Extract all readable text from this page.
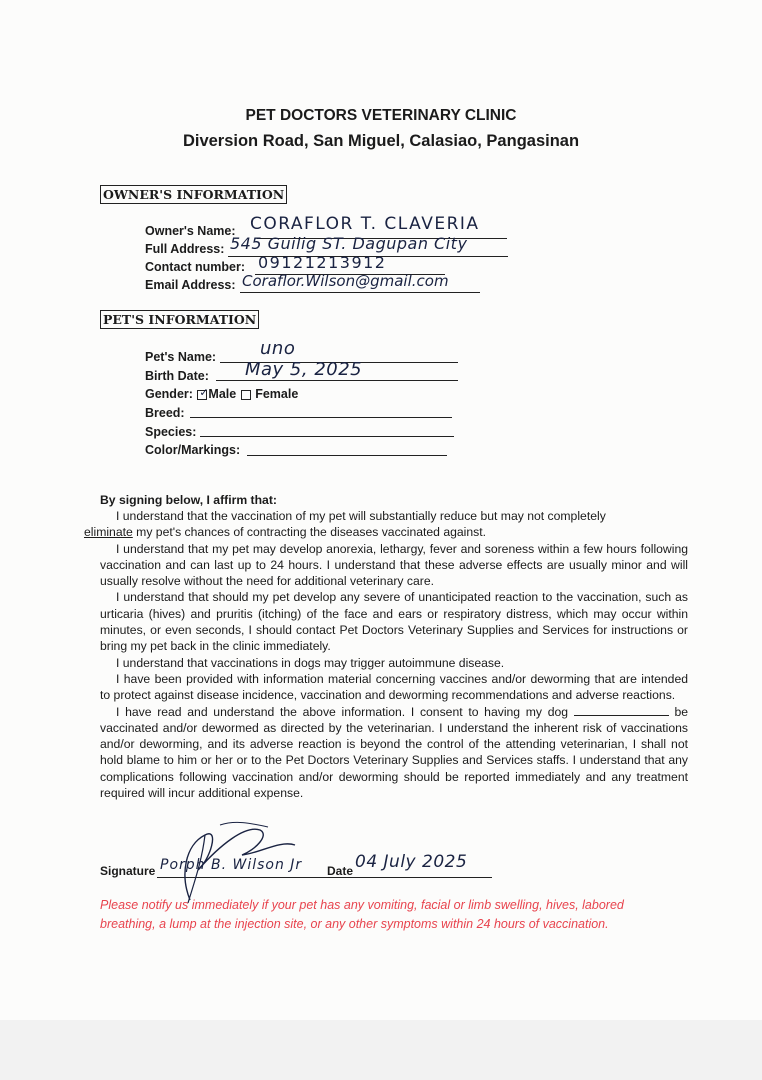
PET DOCTORS VETERINARY CLINIC
Diversion Road, San Miguel, Calasiao, Pangasinan
OWNER'S INFORMATION
Owner's Name: CORAFLOR T. CLAVERIA
Full Address: 545 Guilig ST. Dagupan City
Contact number: 09121213912
Email Address: Coraflor.Wilson@gmail.com
PET'S INFORMATION
Pet's Name: uno
Birth Date: May 5, 2025
Gender: ✓ Male Female
Breed:
Species:
Color/Markings:
By signing below, I affirm that:

I understand that the vaccination of my pet will substantially reduce but may not completely
eliminate my pet's chances of contracting the diseases vaccinated against.

I understand that my pet may develop anorexia, lethargy, fever and soreness within a few hours following vaccination and can last up to 24 hours. I understand that these adverse effects are usually minor and will usually resolve without the need for additional veterinary care.

I understand that should my pet develop any severe of unanticipated reaction to the vaccination, such as urticaria (hives) and pruritis (itching) of the face and ears or respiratory distress, which may occur within minutes, or even seconds, I should contact Pet Doctors Veterinary Supplies and Services for instructions or bring my pet back in the clinic immediately.

I understand that vaccinations in dogs may trigger autoimmune disease.

I have been provided with information material concerning vaccines and/or deworming that are intended to protect against disease incidence, vaccination and deworming recommendations and adverse reactions.

I have read and understand the above information. I consent to having my dog	be vaccinated and/or dewormed as directed by the veterinarian. I understand the inherent risk of vaccinations and/or deworming, and its adverse reaction is beyond the control of the attending veterinarian, I shall not hold blame to him or her or to the Pet Doctors Veterinary Supplies and Services staffs. I understand that any complications following vaccination and/or deworming should be reported immediately and any treatment required will incur additional expense.

Signature Porph B. Wilson Jr Date 04 July 2025
Please notify us immediately if your pet has any vomiting, facial or limb swelling, hives, labored breathing, a lump at the injection site, or any other symptoms within 24 hours of vaccination.
